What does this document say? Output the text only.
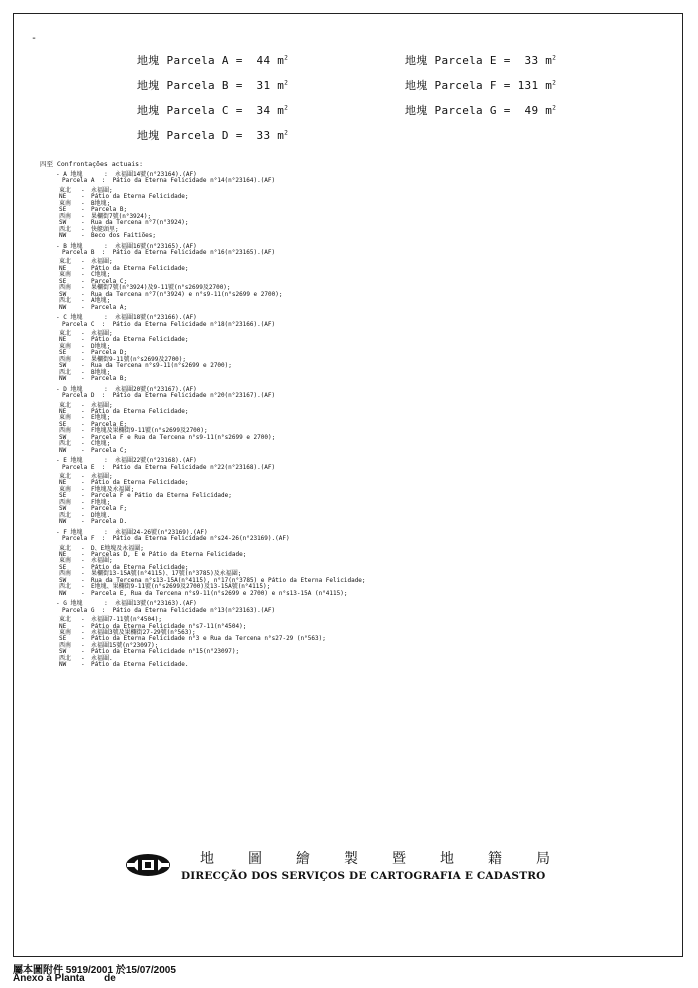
-
地塊 Parcela A =  44 $m^2$
地塊 Parcela B =  31 $m^2$
地塊 Parcela C =  34 $m^2$
地塊 Parcela D =  33 $m^2$
地塊 Parcela E =  33 $m^2$
地塊 Parcela F = 131 $m^2$
地塊 Parcela G =  49 $m^2$
四至 Confrontações actuais:
- A 地塊      :  永福圍14號(n°23164).(AF)
Parcela A  :  Pátio da Eterna Felicidade n°14(n°23164).(AF)
東北 - 永福圍;
NE - Pátio da Eterna Felicidade;
東南 - B地塊;
SE - Parcela B;
西南 - 果欄街7號(n°3924);
SW - Rua da Tercena n°7(n°3924);
西北 - 快艇頭里;
NW - Beco dos Faitiões;
- B 地塊      :  永福圍16號(n°23165).(AF)
Parcela B  :  Pátio da Eterna Felicidade n°16(n°23165).(AF)
東北 - 永福圍;
NE - Pátio da Eterna Felicidade;
東南 - C地塊;
SE - Parcela C;
西南 - 果欄街7號(n°3924)及9-11號(n°s2699及2700);
SW - Rua da Tercena n°7(n°3924) e n°s9-11(n°s2699 e 2700);
西北 - A地塊;
NW - Parcela A;
- C 地塊      :  永福圍18號(n°23166).(AF)
Parcela C  :  Pátio da Eterna Felicidade n°18(n°23166).(AF)
東北 - 永福圍;
NE - Pátio da Eterna Felicidade;
東南 - D地塊;
SE - Parcela D;
西南 - 果欄街9-11號(n°s2699及2700);
SW - Rua da Tercena n°s9-11(n°s2699 e 2700);
西北 - B地塊;
NW - Parcela B;
- D 地塊      :  永福圍20號(n°23167).(AF)
Parcela D  :  Pátio da Eterna Felicidade n°20(n°23167).(AF)
東北 - 永福圍;
NE - Pátio da Eterna Felicidade;
東南 - E地塊;
SE - Parcela E;
西南 - F地塊及果欄街9-11號(n°s2699及2700);
SW - Parcela F e Rua da Tercena n°s9-11(n°s2699 e 2700);
西北 - C地塊;
NW - Parcela C;
- E 地塊      :  永福圍22號(n°23168).(AF)
Parcela E  :  Pátio da Eterna Felicidade n°22(n°23168).(AF)
東北 - 永福圍;
NE - Pátio da Eterna Felicidade;
東南 - F地塊及永福圍;
SE - Parcela F e Pátio da Eterna Felicidade;
西南 - F地塊;
SW - Parcela F;
西北 - D地塊.
NW - Parcela D.
- F 地塊      :  永福圍24-26號(n°23169).(AF)
Parcela F  :  Pátio da Eterna Felicidade n°s24-26(n°23169).(AF)
東北 - D、E地塊及永福圍;
NE - Parcelas D, E e Pátio da Eterna Felicidade;
東南 - 永福圍;
SE - Pátio da Eterna Felicidade;
西南 - 果欄街13-15A號(n°4115)、17號(n°3785)及永福圍;
SW - Rua da Tercena n°s13-15A(n°4115), n°17(n°3785) e Pátio da Eterna Felicidade;
西北 - E地塊、果欄街9-11號(n°s2699及2700)及13-15A號(n°4115);
NW - Parcela E, Rua da Tercena n°s9-11(n°s2699 e 2700) e n°s13-15A (n°4115);
- G 地塊      :  永福圍13號(n°23163).(AF)
Parcela G  :  Pátio da Eterna Felicidade n°13(n°23163).(AF)
東北 - 永福圍7-11號(n°4504);
NE - Pátio da Eterna Felicidade n°s7-11(n°4504);
東南 - 永福圍3號及果欄街27-29號(n°563);
SE - Pátio da Eterna Felicidade n°3 e Rua da Tercena n°s27-29 (n°563);
西南 - 永福圍15號(n°23097);
SW - Pátio da Eterna Felicidade n°15(n°23097);
西北 - 永福圍.
NW - Pátio da Eterna Felicidade.
地 圖 繪 製 暨 地 籍 局
DIRECÇÃO DOS SERVIÇOS DE CARTOGRAFIA E CADASTRO
屬本圖附件 5919/2001 於15/07/2005
Anexo à Planta       de
